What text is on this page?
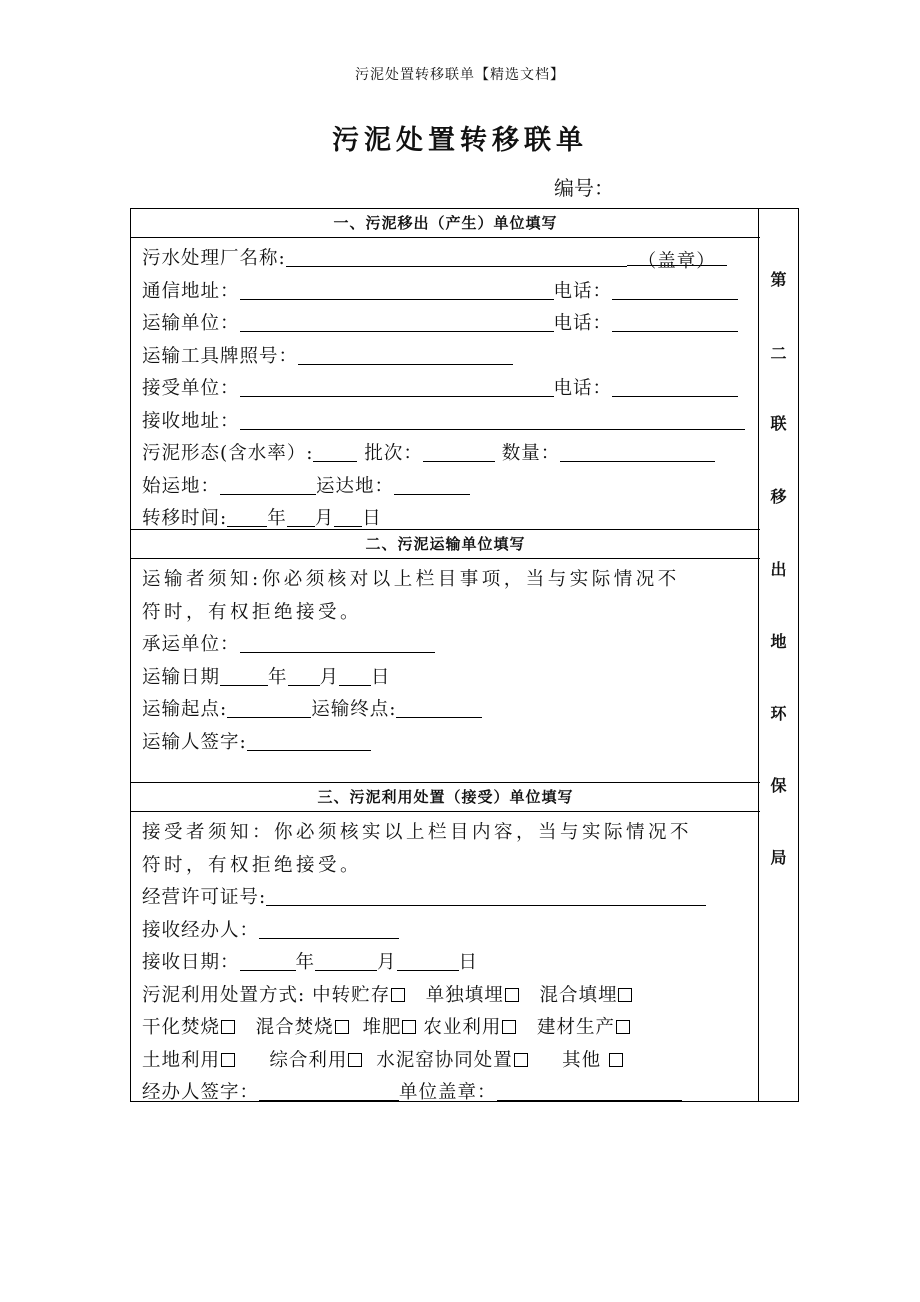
污泥处置转移联单【精选文档】
污泥处置转移联单
编号：
第
二
联
移
出
地
环
保
局
一、污泥移出（产生）单位填写
污水处理厂名称:	（盖章）
通信地址：	电话：
运输单位：	电话：
运输工具牌照号：
接受单位：	电话：
接收地址：
污泥形态(含水率）:	批次：	数量：
始运地：	运达地：
转移时间: 年 月 日
二、污泥运输单位填写
运输者须知:你必须核对以上栏目事项，当与实际情况不
符时，有权拒绝接受。
承运单位：
运输日期	年 月 日
运输起点:	运输终点:
运输人签字:
三、污泥利用处置（接受）单位填写
接受者须知：你必须核实以上栏目内容，当与实际情况不
符时，有权拒绝接受。
经营许可证号:
接收经办人：
接收日期：	年	月	日
污泥利用处置方式: 中转贮存 单独填埋 混合填埋
干化焚烧 混合焚烧 堆肥 农业利用 建材生产
土地利用	综合利用 水泥窑协同处置	其他
经办人签字：	单位盖章：
